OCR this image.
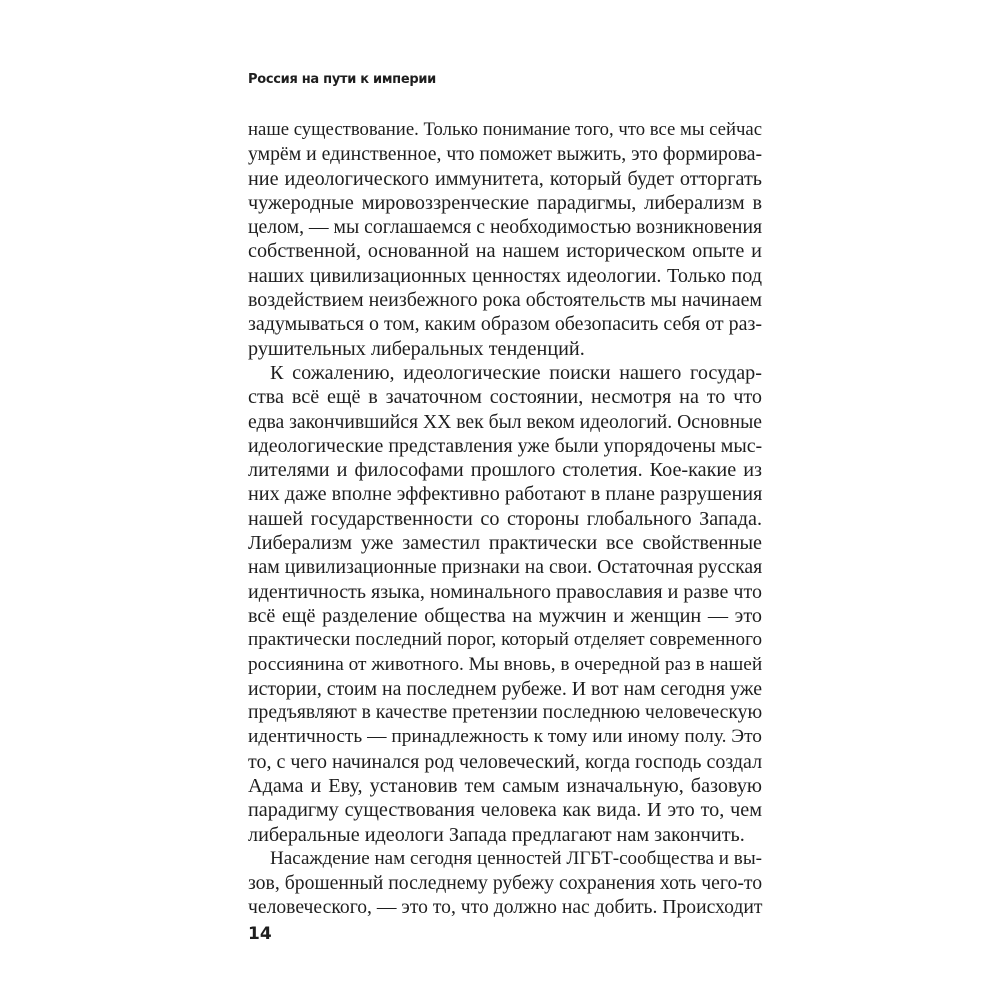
Россия на пути к империи
наше существование. Только понимание того, что все мы сейчас
умрём и единственное, что поможет выжить, это формирова-
ние идеологического иммунитета, который будет отторгать
чужеродные мировоззренческие парадигмы, либерализм в
целом, — мы соглашаемся с необходимостью возникновения
собственной, основанной на нашем историческом опыте и
наших цивилизационных ценностях идеологии. Только под
воздействием неизбежного рока обстоятельств мы начинаем
задумываться о том, каким образом обезопасить себя от раз-
рушительных либеральных тенденций.
К сожалению, идеологические поиски нашего государ-
ства всё ещё в зачаточном состоянии, несмотря на то что
едва закончившийся XX век был веком идеологий. Основные
идеологические представления уже были упорядочены мыс-
лителями и философами прошлого столетия. Кое-какие из
них даже вполне эффективно работают в плане разрушения
нашей государственности со стороны глобального Запада.
Либерализм уже заместил практически все свойственные
нам цивилизационные признаки на свои. Остаточная русская
идентичность языка, номинального православия и разве что
всё ещё разделение общества на мужчин и женщин — это
практически последний порог, который отделяет современного
россиянина от животного. Мы вновь, в очередной раз в нашей
истории, стоим на последнем рубеже. И вот нам сегодня уже
предъявляют в качестве претензии последнюю человеческую
идентичность — принадлежность к тому или иному полу. Это
то, с чего начинался род человеческий, когда господь создал
Адама и Еву, установив тем самым изначальную, базовую
парадигму существования человека как вида. И это то, чем
либеральные идеологи Запада предлагают нам закончить.
Насаждение нам сегодня ценностей ЛГБТ-сообщества и вы-
зов, брошенный последнему рубежу сохранения хоть чего-то
человеческого, — это то, что должно нас добить. Происходит
14
